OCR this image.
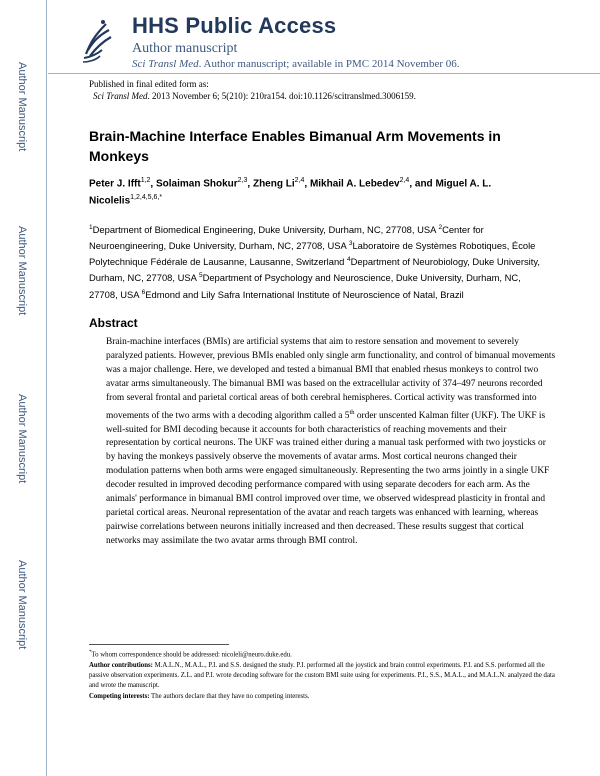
Author Manuscript
Author Manuscript
Author Manuscript
Author Manuscript
HHS Public Access
Author manuscript
Sci Transl Med. Author manuscript; available in PMC 2014 November 06.
Published in final edited form as:
Sci Transl Med. 2013 November 6; 5(210): 210ra154. doi:10.1126/scitranslmed.3006159.
Brain-Machine Interface Enables Bimanual Arm Movements in Monkeys
Peter J. Ifft$^{1,2}$, Solaiman Shokur$^{2,3}$, Zheng Li$^{2,4}$, Mikhail A. Lebedev$^{2,4}$, and Miguel A. L. Nicolelis$^{1,2,4,5,6,*}$
$^1$Department of Biomedical Engineering, Duke University, Durham, NC, 27708, USA $^2$Center for Neuroengineering, Duke University, Durham, NC, 27708, USA $^3$Laboratoire de Systèmes Robotiques, École Polytechnique Fédérale de Lausanne, Lausanne, Switzerland $^4$Department of Neurobiology, Duke University, Durham, NC, 27708, USA $^5$Department of Psychology and Neuroscience, Duke University, Durham, NC, 27708, USA $^6$Edmond and Lily Safra International Institute of Neuroscience of Natal, Brazil
Abstract
Brain-machine interfaces (BMIs) are artificial systems that aim to restore sensation and movement to severely paralyzed patients. However, previous BMIs enabled only single arm functionality, and control of bimanual movements was a major challenge. Here, we developed and tested a bimanual BMI that enabled rhesus monkeys to control two avatar arms simultaneously. The bimanual BMI was based on the extracellular activity of 374–497 neurons recorded from several frontal and parietal cortical areas of both cerebral hemispheres. Cortical activity was transformed into movements of the two arms with a decoding algorithm called a 5th order unscented Kalman filter (UKF). The UKF is well-suited for BMI decoding because it accounts for both characteristics of reaching movements and their representation by cortical neurons. The UKF was trained either during a manual task performed with two joysticks or by having the monkeys passively observe the movements of avatar arms. Most cortical neurons changed their modulation patterns when both arms were engaged simultaneously. Representing the two arms jointly in a single UKF decoder resulted in improved decoding performance compared with using separate decoders for each arm. As the animals' performance in bimanual BMI control improved over time, we observed widespread plasticity in frontal and parietal cortical areas. Neuronal representation of the avatar and reach targets was enhanced with learning, whereas pairwise correlations between neurons initially increased and then decreased. These results suggest that cortical networks may assimilate the two avatar arms through BMI control.

*To whom correspondence should be addressed: nicoleli@neuro.duke.edu.

Author contributions: M.A.L.N., M.A.L., P.I. and S.S. designed the study. P.I. performed all the joystick and brain control experiments. P.I. and S.S. performed all the passive observation experiments. Z.L. and P.I. wrote decoding software for the custom BMI suite using for experiments. P.I., S.S., M.A.L., and M.A.L.N. analyzed the data and wrote the manuscript.

Competing interests: The authors declare that they have no competing interests.
